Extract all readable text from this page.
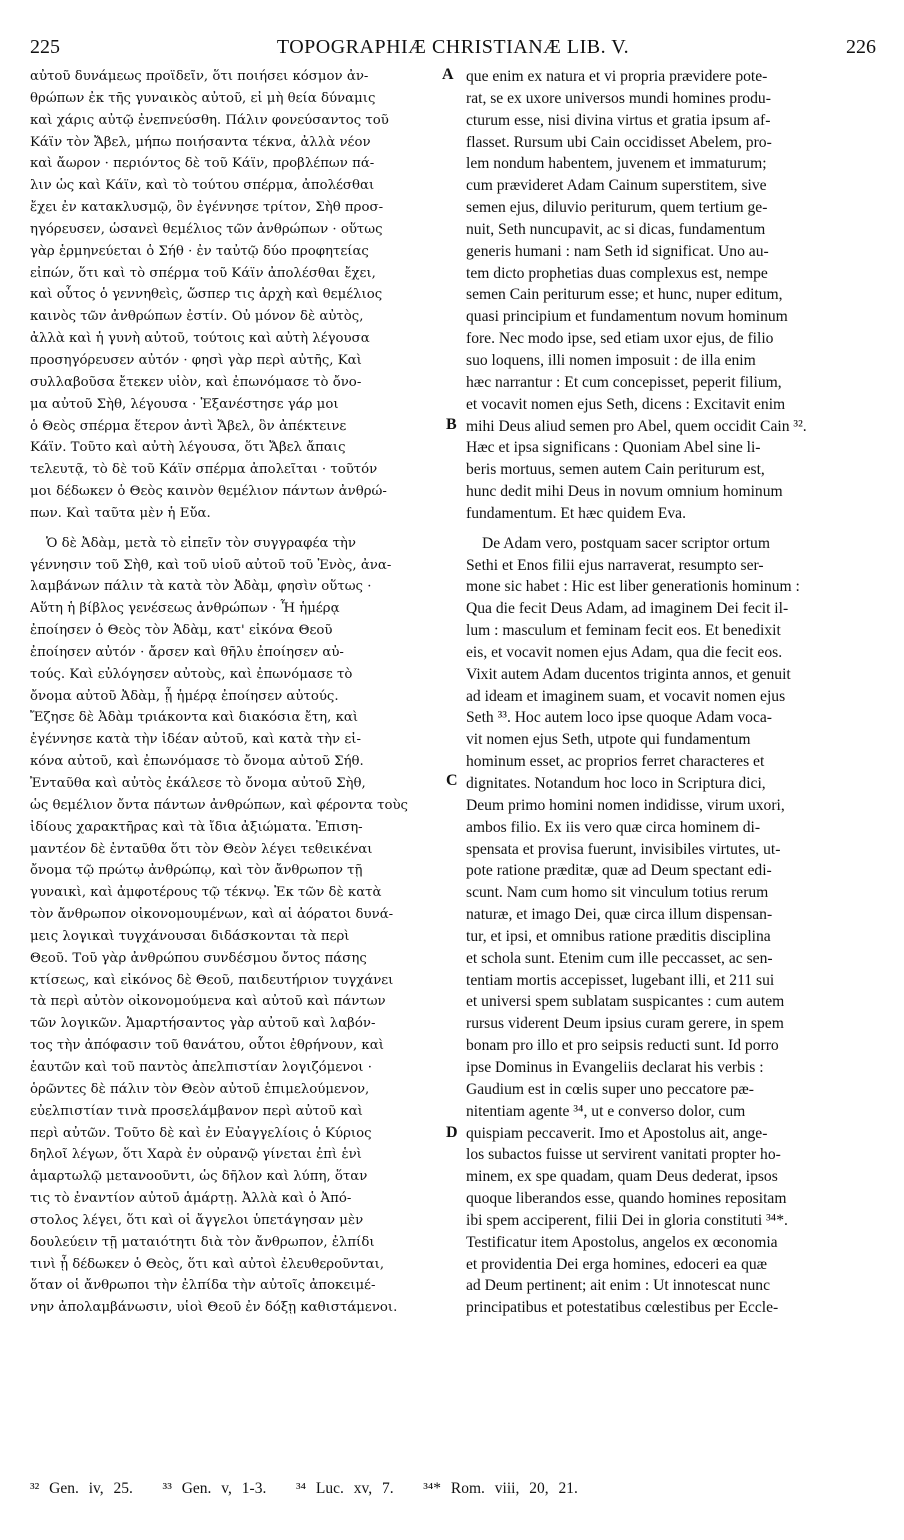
225	TOPOGRAPHIÆ CHRISTIANÆ LIB. V.	226
αὐτοῦ δυνάμεως προϊδεῖν, ὅτι ποιήσει κόσμον ἀν-
θρώπων ἐκ τῆς γυναικὸς αὐτοῦ, εἰ μὴ θεία δύναμις
καὶ χάρις αὐτῷ ἐνεπνεύσθη. Πάλιν φονεύσαντος τοῦ
Κάϊν τὸν Ἄβελ, μήπω ποιήσαντα τέκνα, ἀλλὰ νέον
καὶ ἄωρον · περιόντος δὲ τοῦ Κάϊν, προβλέπων πά-
λιν ὡς καὶ Κάϊν, καὶ τὸ τούτου σπέρμα, ἀπολέσθαι
ἔχει ἐν κατακλυσμῷ, ὃν ἐγέννησε τρίτον, Σὴθ προσ-
ηγόρευσεν, ὡσανεὶ θεμέλιος τῶν ἀνθρώπων · οὕτως
γὰρ ἑρμηνεύεται ὁ Σήθ · ἐν ταὐτῷ δύο προφητείας
εἰπών, ὅτι καὶ τὸ σπέρμα τοῦ Κάϊν ἀπολέσθαι ἔχει,
καὶ οὗτος ὁ γεννηθεὶς, ὥσπερ τις ἀρχὴ καὶ θεμέλιος
καινὸς τῶν ἀνθρώπων ἐστίν. Οὐ μόνον δὲ αὐτὸς,
ἀλλὰ καὶ ἡ γυνὴ αὐτοῦ, τούτοις καὶ αὐτὴ λέγουσα
προσηγόρευσεν αὐτόν · φησὶ γὰρ περὶ αὐτῆς, Καὶ
συλλαβοῦσα ἔτεκεν υἱὸν, καὶ ἐπωνόμασε τὸ ὄνο-
μα αὐτοῦ Σὴθ, λέγουσα · Ἐξανέστησε γάρ μοι
ὁ Θεὸς σπέρμα ἕτερον ἀντὶ Ἄβελ, ὃν ἀπέκτεινε
Κάϊν. Τοῦτο καὶ αὐτὴ λέγουσα, ὅτι Ἄβελ ἄπαις
τελευτᾷ, τὸ δὲ τοῦ Κάϊν σπέρμα ἀπολεῖται · τοῦτόν
μοι δέδωκεν ὁ Θεὸς καινὸν θεμέλιον πάντων ἀνθρώ-
πων. Καὶ ταῦτα μὲν ἡ Εὔα.
Ὁ δὲ Ἀδὰμ, μετὰ τὸ εἰπεῖν τὸν συγγραφέα τὴν
γέννησιν τοῦ Σὴθ, καὶ τοῦ υἱοῦ αὐτοῦ τοῦ Ἐνὸς, ἀνα-
λαμβάνων πάλιν τὰ κατὰ τὸν Ἀδὰμ, φησὶν οὕτως ·
Αὕτη ἡ βίβλος γενέσεως ἀνθρώπων · Ἧ ἡμέρᾳ
ἐποίησεν ὁ Θεὸς τὸν Ἀδὰμ, κατ' εἰκόνα Θεοῦ
ἐποίησεν αὐτόν · ἄρσεν καὶ θῆλυ ἐποίησεν αὐ-
τούς. Καὶ εὐλόγησεν αὐτοὺς, καὶ ἐπωνόμασε τὸ
ὄνομα αὐτοῦ Ἀδὰμ, ᾗ ἡμέρᾳ ἐποίησεν αὐτούς.
Ἔζησε δὲ Ἀδὰμ τριάκοντα καὶ διακόσια ἔτη, καὶ
ἐγέννησε κατὰ τὴν ἰδέαν αὐτοῦ, καὶ κατὰ τὴν εἰ-
κόνα αὐτοῦ, καὶ ἐπωνόμασε τὸ ὄνομα αὐτοῦ Σήθ.
Ἐνταῦθα καὶ αὐτὸς ἐκάλεσε τὸ ὄνομα αὐτοῦ Σὴθ,
ὡς θεμέλιον ὄντα πάντων ἀνθρώπων, καὶ φέροντα τοὺς
ἰδίους χαρακτῆρας καὶ τὰ ἴδια ἀξιώματα. Ἐπιση-
μαντέον δὲ ἐνταῦθα ὅτι τὸν Θεὸν λέγει τεθεικέναι
ὄνομα τῷ πρώτῳ ἀνθρώπῳ, καὶ τὸν ἄνθρωπον τῇ
γυναικὶ, καὶ ἀμφοτέρους τῷ τέκνῳ. Ἐκ τῶν δὲ κατὰ
τὸν ἄνθρωπον οἰκονομουμένων, καὶ αἱ ἀόρατοι δυνά-
μεις λογικαὶ τυγχάνουσαι διδάσκονται τὰ περὶ
Θεοῦ. Τοῦ γὰρ ἀνθρώπου συνδέσμου ὄντος πάσης
κτίσεως, καὶ εἰκόνος δὲ Θεοῦ, παιδευτήριον τυγχάνει
τὰ περὶ αὐτὸν οἰκονομούμενα καὶ αὐτοῦ καὶ πάντων
τῶν λογικῶν. Ἁμαρτήσαντος γὰρ αὐτοῦ καὶ λαβόν-
τος τὴν ἀπόφασιν τοῦ θανάτου, οὗτοι ἐθρήνουν, καὶ
ἑαυτῶν καὶ τοῦ παντὸς ἀπελπιστίαν λογιζόμενοι ·
ὁρῶντες δὲ πάλιν τὸν Θεὸν αὐτοῦ ἐπιμελούμενον,
εὐελπιστίαν τινὰ προσελάμβανον περὶ αὐτοῦ καὶ
περὶ αὐτῶν. Τοῦτο δὲ καὶ ἐν Εὐαγγελίοις ὁ Κύριος
δηλοῖ λέγων, ὅτι Χαρὰ ἐν οὐρανῷ γίνεται ἐπὶ ἑνὶ
ἁμαρτωλῷ μετανοοῦντι, ὡς δῆλον καὶ λύπη, ὅταν
τις τὸ ἐναντίον αὐτοῦ ἁμάρτῃ. Ἀλλὰ καὶ ὁ Ἀπό-
στολος λέγει, ὅτι καὶ οἱ ἄγγελοι ὑπετάγησαν μὲν
δουλεύειν τῇ ματαιότητι διὰ τὸν ἄνθρωπον, ἐλπίδι
τινὶ ᾗ δέδωκεν ὁ Θεὸς, ὅτι καὶ αὐτοὶ ἐλευθεροῦνται,
ὅταν οἱ ἄνθρωποι τὴν ἐλπίδα τὴν αὐτοῖς ἀποκειμέ-
νην ἀπολαμβάνωσιν, υἱοὶ Θεοῦ ἐν δόξῃ καθιστάμενοι.
que enim ex natura et vi propria prævidere pote-
rat, se ex uxore universos mundi homines produ-
cturum esse, nisi divina virtus et gratia ipsum af-
flasset. Rursum ubi Cain occidisset Abelem, pro-
lem nondum habentem, juvenem et immaturum;
cum prævideret Adam Cainum superstitem, sive
semen ejus, diluvio periturum, quem tertium ge-
nuit, Seth nuncupavit, ac si dicas, fundamentum
generis humani : nam Seth id significat. Uno au-
tem dicto prophetias duas complexus est, nempe
semen Cain periturum esse; et hunc, nuper editum,
quasi principium et fundamentum novum hominum
fore. Nec modo ipse, sed etiam uxor ejus, de filio
suo loquens, illi nomen imposuit : de illa enim
hæc narrantur : Et cum concepisset, peperit filium,
et vocavit nomen ejus Seth, dicens : Excitavit enim
mihi Deus aliud semen pro Abel, quem occidit Cain ³².
Hæc et ipsa significans : Quoniam Abel sine li-
beris mortuus, semen autem Cain periturum est,
hunc dedit mihi Deus in novum omnium hominum
fundamentum. Et hæc quidem Eva.
De Adam vero, postquam sacer scriptor ortum
Sethi et Enos filii ejus narraverat, resumpto ser-
mone sic habet : Hic est liber generationis hominum :
Qua die fecit Deus Adam, ad imaginem Dei fecit il-
lum : masculum et feminam fecit eos. Et benedixit
eis, et vocavit nomen ejus Adam, qua die fecit eos.
Vixit autem Adam ducentos triginta annos, et genuit
ad ideam et imaginem suam, et vocavit nomen ejus
Seth ³³. Hoc autem loco ipse quoque Adam voca-
vit nomen ejus Seth, utpote qui fundamentum
hominum esset, ac proprios ferret characteres et
dignitates. Notandum hoc loco in Scriptura dici,
Deum primo homini nomen indidisse, virum uxori,
ambos filio. Ex iis vero quæ circa hominem di-
spensata et provisa fuerunt, invisibiles virtutes, ut-
pote ratione præditæ, quæ ad Deum spectant edi-
scunt. Nam cum homo sit vinculum totius rerum
naturæ, et imago Dei, quæ circa illum dispensan-
tur, et ipsi, et omnibus ratione præditis disciplina
et schola sunt. Etenim cum ille peccasset, ac sen-
tentiam mortis accepisset, lugebant illi, et 211 sui
et universi spem sublatam suspicantes : cum autem
rursus viderent Deum ipsius curam gerere, in spem
bonam pro illo et pro seipsis reducti sunt. Id porro
ipse Dominus in Evangeliis declarat his verbis :
Gaudium est in cœlis super uno peccatore pæ-
nitentiam agente ³⁴, ut e converso dolor, cum
quispiam peccaverit. Imo et Apostolus ait, ange-
los subactos fuisse ut servirent vanitati propter ho-
minem, ex spe quadam, quam Deus dederat, ipsos
quoque liberandos esse, quando homines repositam
ibi spem acciperent, filii Dei in gloria constituti ³⁴*.
Testificatur item Apostolus, angelos ex œconomia
et providentia Dei erga homines, edoceri ea quæ
ad Deum pertinent; ait enim : Ut innotescat nunc
principatibus et potestatibus cœlestibus per Eccle-
A
B
C
D
³² Gen. iv, 25. ³³ Gen. v, 1-3. ³⁴ Luc. xv, 7. ³⁴* Rom. viii, 20, 21.
